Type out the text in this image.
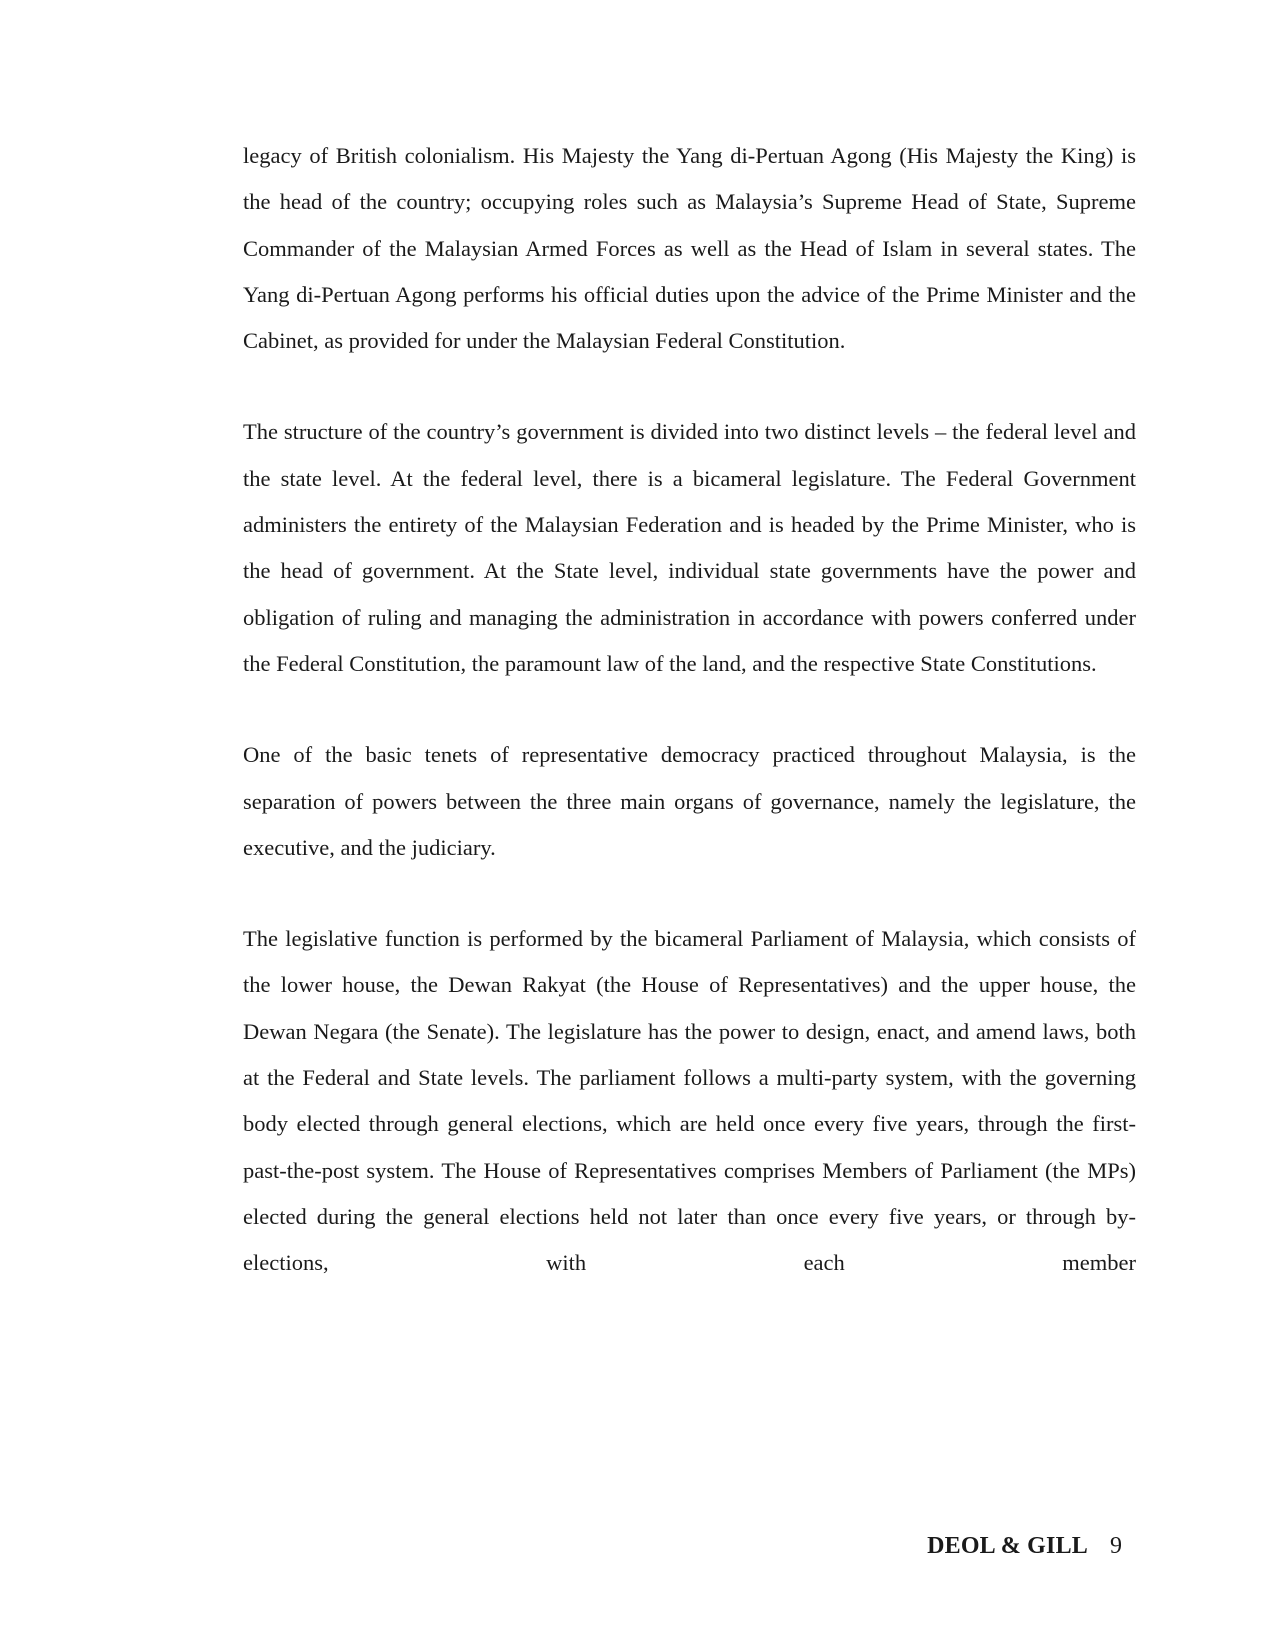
legacy of British colonialism. His Majesty the Yang di-Pertuan Agong (His Majesty the King) is the head of the country; occupying roles such as Malaysia’s Supreme Head of State, Supreme Commander of the Malaysian Armed Forces as well as the Head of Islam in several states. The Yang di-Pertuan Agong performs his official duties upon the advice of the Prime Minister and the Cabinet, as provided for under the Malaysian Federal Constitution.

The structure of the country’s government is divided into two distinct levels – the federal level and the state level. At the federal level, there is a bicameral legislature. The Federal Government administers the entirety of the Malaysian Federation and is headed by the Prime Minister, who is the head of government. At the State level, individual state governments have the power and obligation of ruling and managing the administration in accordance with powers conferred under the Federal Constitution, the paramount law of the land, and the respective State Constitutions.

One of the basic tenets of representative democracy practiced throughout Malaysia, is the separation of powers between the three main organs of governance, namely the legislature, the executive, and the judiciary.

The legislative function is performed by the bicameral Parliament of Malaysia, which consists of the lower house, the Dewan Rakyat (the House of Representatives) and the upper house, the Dewan Negara (the Senate). The legislature has the power to design, enact, and amend laws, both at the Federal and State levels. The parliament follows a multi-party system, with the governing body elected through general elections, which are held once every five years, through the first-past-the-post system. The House of Representatives comprises Members of Parliament (the MPs) elected during the general elections held not later than once every five years, or through by-elections, with each member

DEOL & GILL 9
